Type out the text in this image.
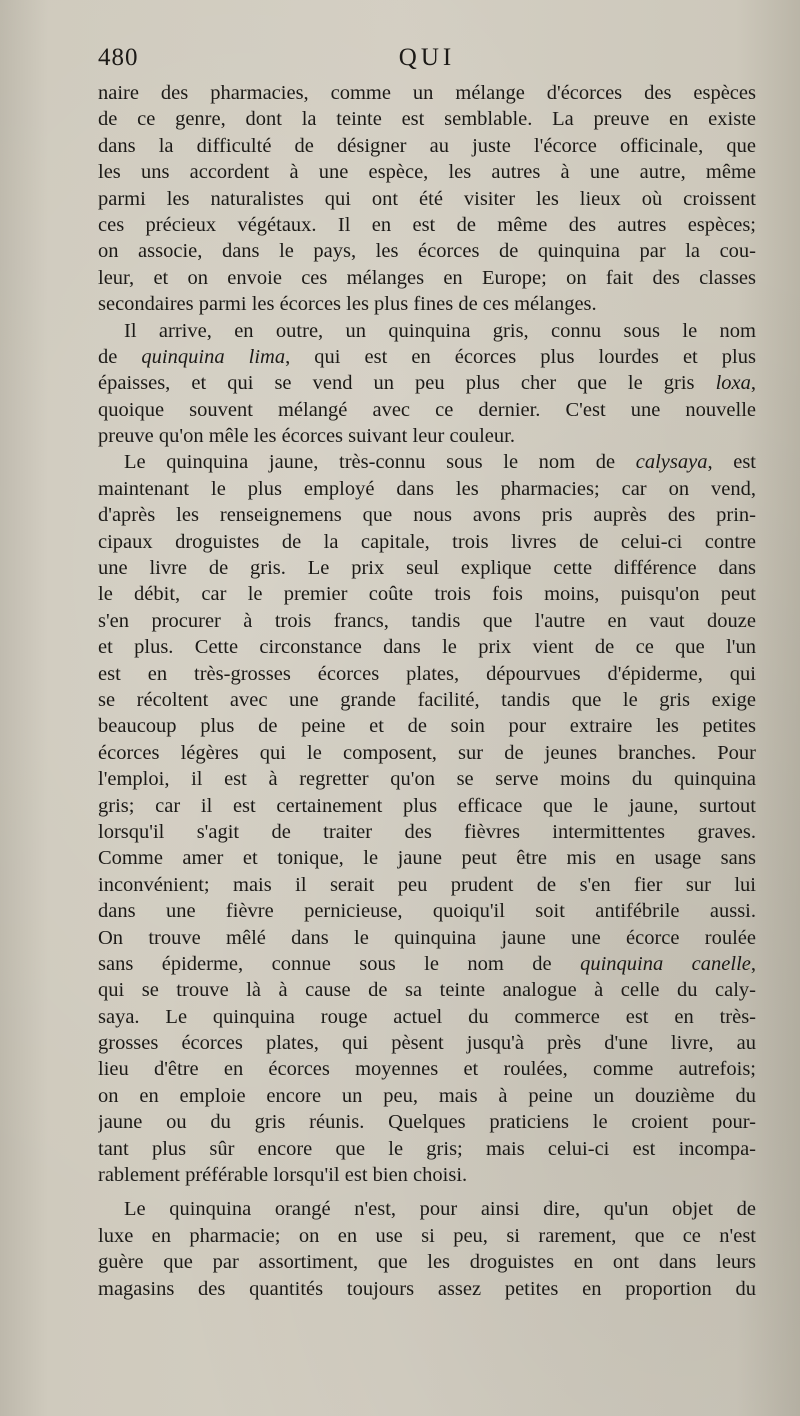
480	QUI

naire des pharmacies, comme un mélange d'écorces des espèces
de ce genre, dont la teinte est semblable. La preuve en existe
dans la difficulté de désigner au juste l'écorce officinale, que
les uns accordent à une espèce, les autres à une autre, même
parmi les naturalistes qui ont été visiter les lieux où croissent
ces précieux végétaux. Il en est de même des autres espèces;
on associe, dans le pays, les écorces de quinquina par la cou-
leur, et on envoie ces mélanges en Europe; on fait des classes
secondaires parmi les écorces les plus fines de ces mélanges.

Il arrive, en outre, un quinquina gris, connu sous le nom
de quinquina lima, qui est en écorces plus lourdes et plus
épaisses, et qui se vend un peu plus cher que le gris loxa,
quoique souvent mélangé avec ce dernier. C'est une nouvelle
preuve qu'on mêle les écorces suivant leur couleur.

Le quinquina jaune, très-connu sous le nom de calysaya, est
maintenant le plus employé dans les pharmacies; car on vend,
d'après les renseignemens que nous avons pris auprès des prin-
cipaux droguistes de la capitale, trois livres de celui-ci contre
une livre de gris. Le prix seul explique cette différence dans
le débit, car le premier coûte trois fois moins, puisqu'on peut
s'en procurer à trois francs, tandis que l'autre en vaut douze
et plus. Cette circonstance dans le prix vient de ce que l'un
est en très-grosses écorces plates, dépourvues d'épiderme, qui
se récoltent avec une grande facilité, tandis que le gris exige
beaucoup plus de peine et de soin pour extraire les petites
écorces légères qui le composent, sur de jeunes branches. Pour
l'emploi, il est à regretter qu'on se serve moins du quinquina
gris; car il est certainement plus efficace que le jaune, surtout
lorsqu'il s'agit de traiter des fièvres intermittentes graves.
Comme amer et tonique, le jaune peut être mis en usage sans
inconvénient; mais il serait peu prudent de s'en fier sur lui
dans une fièvre pernicieuse, quoiqu'il soit antifébrile aussi.
On trouve mêlé dans le quinquina jaune une écorce roulée
sans épiderme, connue sous le nom de quinquina canelle,
qui se trouve là à cause de sa teinte analogue à celle du caly-
saya. Le quinquina rouge actuel du commerce est en très-
grosses écorces plates, qui pèsent jusqu'à près d'une livre, au
lieu d'être en écorces moyennes et roulées, comme autrefois;
on en emploie encore un peu, mais à peine un douzième du
jaune ou du gris réunis. Quelques praticiens le croient pour-
tant plus sûr encore que le gris; mais celui-ci est incompa-
rablement préférable lorsqu'il est bien choisi.

Le quinquina orangé n'est, pour ainsi dire, qu'un objet de
luxe en pharmacie; on en use si peu, si rarement, que ce n'est
guère que par assortiment, que les droguistes en ont dans leurs
magasins des quantités toujours assez petites en proportion du
